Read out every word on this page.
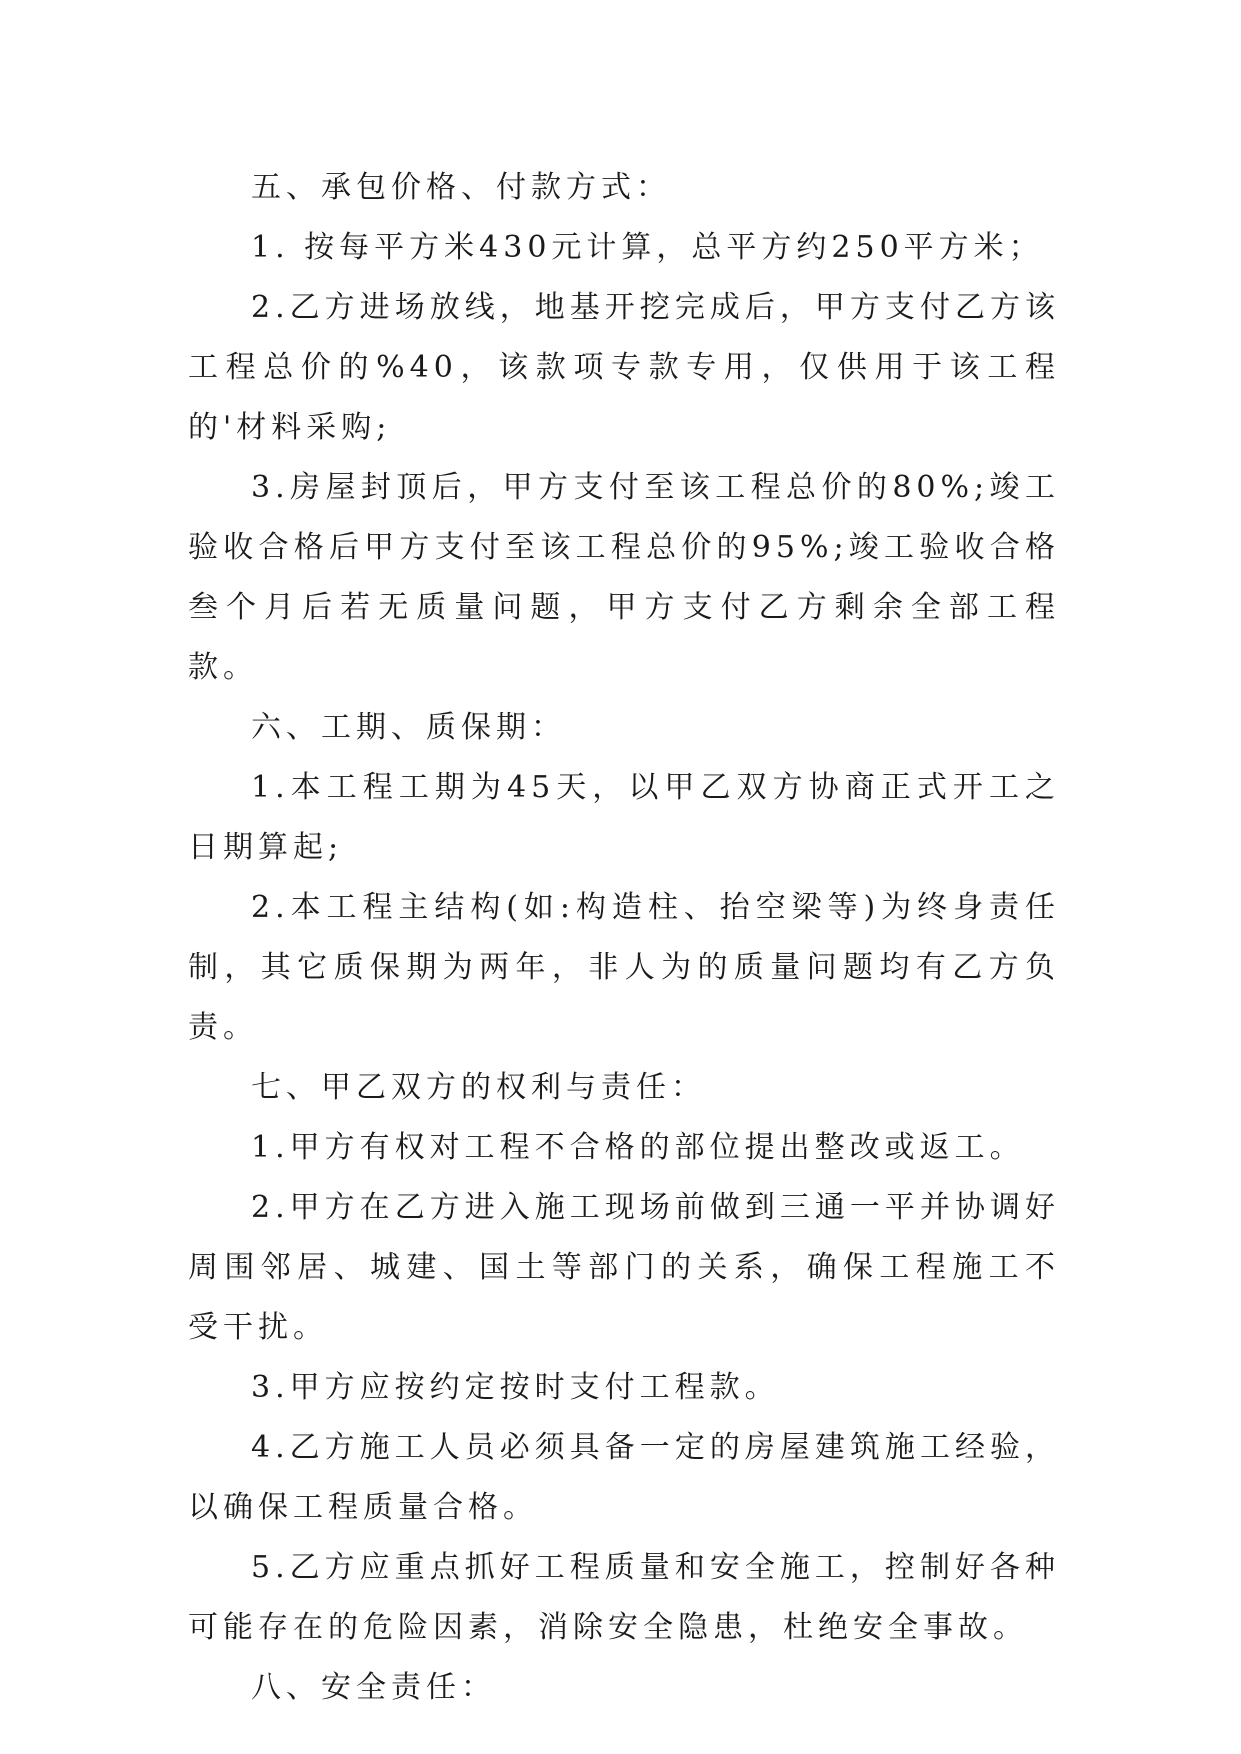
五、承包价格、付款方式：

1. 按每平方米430元计算，总平方约250平方米；

2.乙方进场放线，地基开挖完成后，甲方支付乙方该工程总价的%40，该款项专款专用，仅供用于该工程的'材料采购;

3.房屋封顶后，甲方支付至该工程总价的80%;竣工验收合格后甲方支付至该工程总价的95%;竣工验收合格叁个月后若无质量问题，甲方支付乙方剩余全部工程款。

六、工期、质保期：

1.本工程工期为45天，以甲乙双方协商正式开工之日期算起;

2.本工程主结构(如:构造柱、抬空梁等)为终身责任制，其它质保期为两年，非人为的质量问题均有乙方负责。

七、甲乙双方的权利与责任：

1.甲方有权对工程不合格的部位提出整改或返工。

2.甲方在乙方进入施工现场前做到三通一平并协调好周围邻居、城建、国土等部门的关系，确保工程施工不受干扰。

3.甲方应按约定按时支付工程款。

4.乙方施工人员必须具备一定的房屋建筑施工经验，以确保工程质量合格。

5.乙方应重点抓好工程质量和安全施工，控制好各种可能存在的危险因素，消除安全隐患，杜绝安全事故。

八、安全责任：
